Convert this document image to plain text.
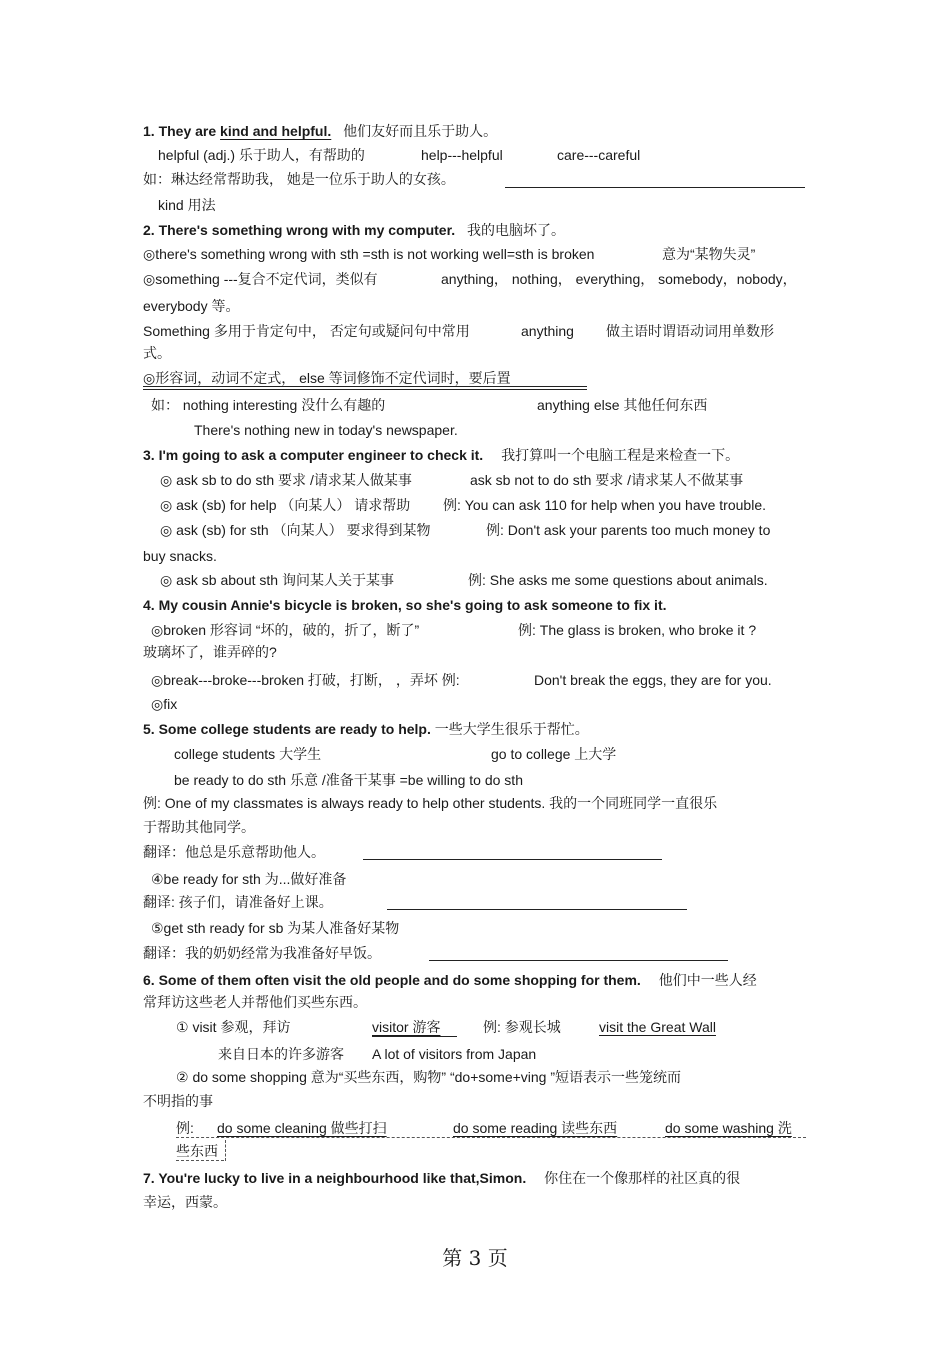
1. They are kind and helpful. 他们友好而且乐于助人。
helpful (adj.) 乐于助人，有帮助的	help---helpful	care---careful
如：琳达经常帮助我， 她是一位乐于助人的女孩。
kind 用法
2. There's something wrong with my computer. 我的电脑坏了。
◎there's something wrong with sth =sth is not working well=sth is broken	意为“某物失灵”
◎something ---复合不定代词，类似有	anything， nothing， everything， somebody，nobody，
everybody 等。
Something 多用于肯定句中， 否定句或疑问句中常用	anything 做主语时谓语动词用单数形
式。
◎形容词，动词不定式， else 等词修饰不定代词时，要后置
如： nothing interesting 没什么有趣的	anything else 其他任何东西
There's nothing new in today's newspaper.
3. I'm going to ask a computer engineer to check it. 我打算叫一个电脑工程是来检查一下。
◎ ask sb to do sth 要求 /请求某人做某事	ask sb not to do sth 要求 /请求某人不做某事
◎ ask (sb) for help （向某人） 请求帮助 例: You can ask 110 for help when you have trouble.
◎ ask (sb) for sth （向某人） 要求得到某物	例: Don't ask your parents too much money to
buy snacks.
◎ ask sb about sth 询问某人关于某事	例: She asks me some questions about animals.
4. My cousin Annie's bicycle is broken, so she's going to ask someone to fix it.
◎broken 形容词 “坏的，破的，折了，断了”	例: The glass is broken, who broke it ?
玻璃坏了，谁弄碎的?
◎break---broke---broken 打破，打断， ，弄坏 例:	Don't break the eggs, they are for you.
◎fix
5. Some college students are ready to help. 一些大学生很乐于帮忙。
college students 大学生	go to college 上大学
be ready to do sth 乐意 /准备干某事 =be willing to do sth
例: One of my classmates is always ready to help other students. 我的一个同班同学一直很乐
于帮助其他同学。
翻译：他总是乐意帮助他人。
④be ready for sth 为...做好准备
翻译: 孩子们，请准备好上课。
⑤get sth ready for sb 为某人准备好某物
翻译：我的奶奶经常为我准备好早饭。
6. Some of them often visit the old people and do some shopping for them. 他们中一些人经
常拜访这些老人并帮他们买些东西。
① visit 参观，拜访	visitor 游客	例: 参观长城	visit the Great Wall
来自日本的许多游客 A lot of visitors from Japan
② do some shopping 意为“买些东西，购物” “do+some+ving ”短语表示一些笼统而
不明指的事
例: do some cleaning 做些打扫	do some reading 读些东西	do some washing 洗
些东西
7. You're lucky to live in a neighbourhood like that,Simon. 你住在一个像那样的社区真的很
幸运，西蒙。
第 3 页
